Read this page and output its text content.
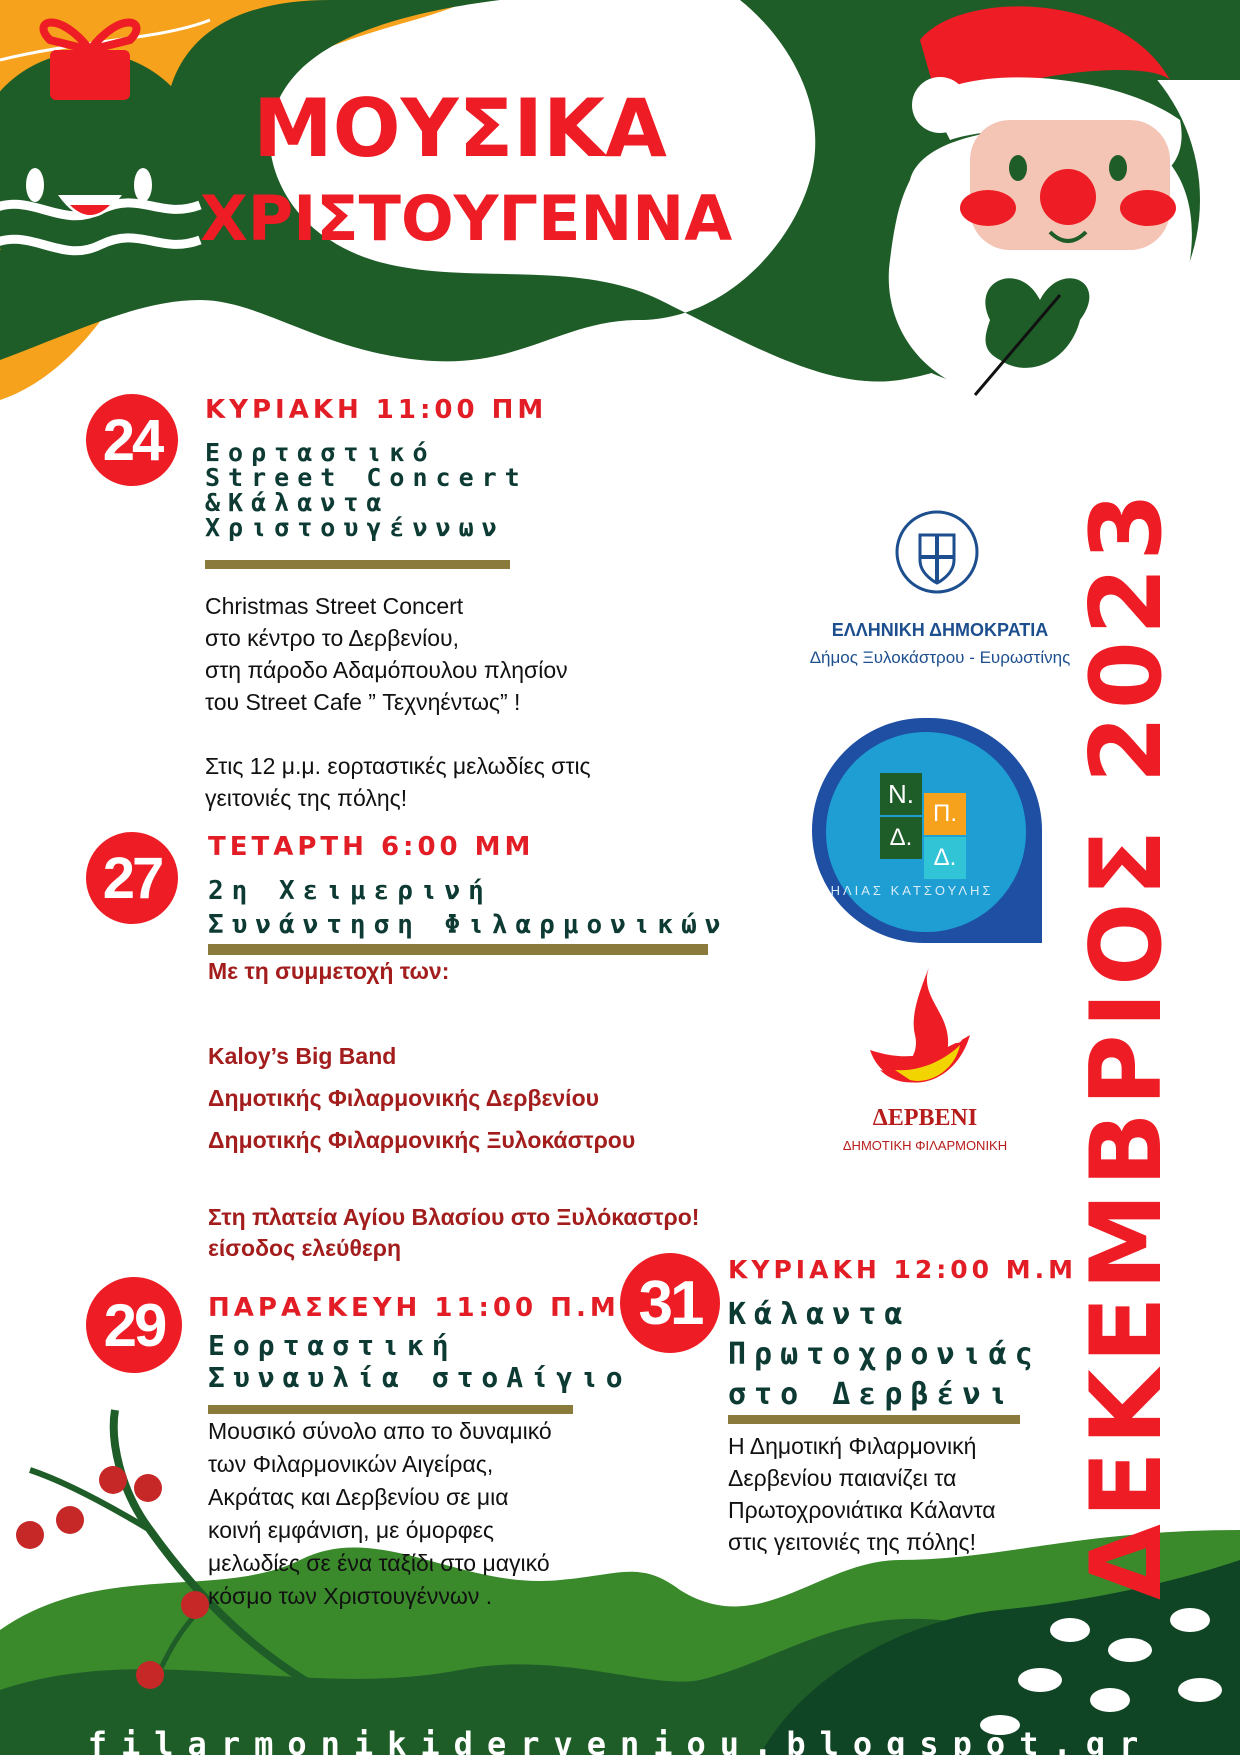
ΜΟΥΣΙΚΑ
ΧΡΙΣΤΟΥΓΕΝΝΑ
ΔΕΚΕΜΒΡΙΟΣ 2023
24	ΚΥΡΙΑΚΗ 11:00 ΠΜ
Εορταστικό
Street Concert
&Κάλαντα
Χριστουγέννων
Christmas Street Concert
στο κέντρο το Δερβενίου,
στη πάροδο Αδαμόπουλου πλησίον
του Street Cafe ” Τεχνηέντως” !
Στις 12 μ.μ. εορταστικές μελωδίες στις
γειτονιές της πόλης!
27	ΤΕΤΑΡΤΗ 6:00 ΜΜ
2η Χειμερινή
Συνάντηση Φιλαρμονικών
Με τη συμμετοχή των:
Kaloy’s Big Band
Δημοτικής Φιλαρμονικής Δερβενίου
Δημοτικής Φιλαρμονικής Ξυλοκάστρου
Στη πλατεία Αγίου Βλασίου στο Ξυλόκαστρο!
είσοδος ελεύθερη
29	ΠΑΡΑΣΚΕΥΗ 11:00 Π.Μ
Εορταστική
Συναυλία στοΑίγιο
Μουσικό σύνολο απο το δυναμικό
των Φιλαρμονικών Αιγείρας,
Ακράτας και Δερβενίου σε μια
κοινή εμφάνιση, με όμορφες
μελωδίες σε ένα ταξίδι στο μαγικό
κόσμο των Χριστουγέννων .
31	ΚΥΡΙΑΚΗ 12:00 Μ.Μ
Κάλαντα
Πρωτοχρονιάς
στο Δερβένι
Η Δημοτική Φιλαρμονική
Δερβενίου παιανίζει τα
Πρωτοχρονιάτικα Κάλαντα
στις γειτονιές της πόλης!
ΕΛΛΗΝΙΚΗ ΔΗΜΟΚΡΑΤΙΑ
Δήμος Ξυλοκάστρου - Ευρωστίνης
Ν.
Π.
Δ.
Δ.
ΗΛΙΑΣ ΚΑΤΣΟΥΛΗΣ
𝄞
ΔΕΡΒΕΝΙ
ΔΗΜΟΤΙΚΗ ΦΙΛΑΡΜΟΝΙΚΗ
filarmonikiderveniou.blogspot.gr
